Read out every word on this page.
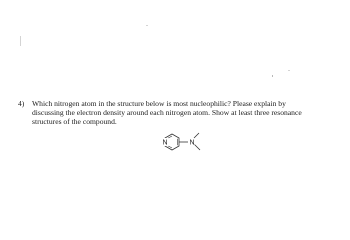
4)	Which nitrogen atom in the structure below is most nucleophilic? Please explain by
discussing the electron density around each nitrogen atom. Show at least three resonance
structures of the compound.
N	N
